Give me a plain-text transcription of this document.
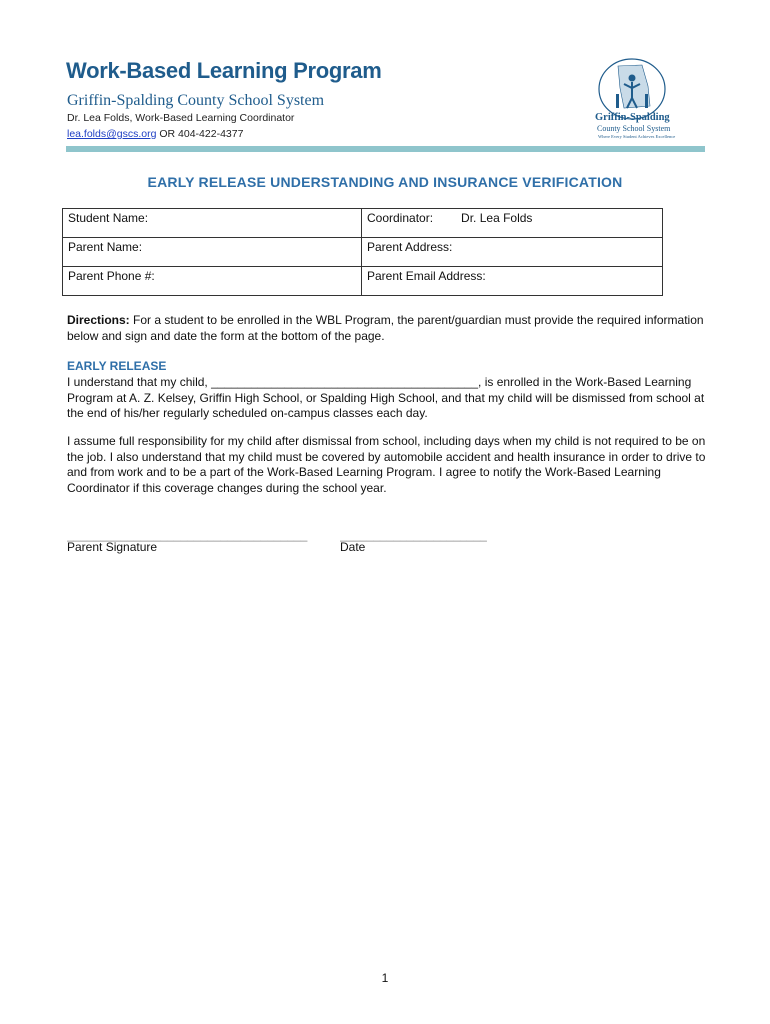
Work-Based Learning Program
Griffin-Spalding County School System
Dr. Lea Folds, Work-Based Learning Coordinator
lea.folds@gscs.org OR 404-422-4377
Griffin-Spalding
County School System
Where Every Student Achieves Excellence
EARLY RELEASE UNDERSTANDING AND INSURANCE VERIFICATION
Student Name:	Coordinator: Dr. Lea Folds
Parent Name:	Parent Address:
Parent Phone #:	Parent Email Address:
Directions: For a student to be enrolled in the WBL Program, the parent/guardian must provide the required information below and sign and date the form at the bottom of the page.
EARLY RELEASE
I understand that my child, ________________________________________, is enrolled in the Work-Based Learning Program at A. Z. Kelsey, Griffin High School, or Spalding High School, and that my child will be dismissed from school at the end of his/her regularly scheduled on-campus classes each day.
I assume full responsibility for my child after dismissal from school, including days when my child is not required to be on the job. I also understand that my child must be covered by automobile accident and health insurance in order to drive to and from work and to be a part of the Work-Based Learning Program. I agree to notify the Work-Based Learning Coordinator if this coverage changes during the school year.
____________________________________
Parent Signature
______________________
Date
1
